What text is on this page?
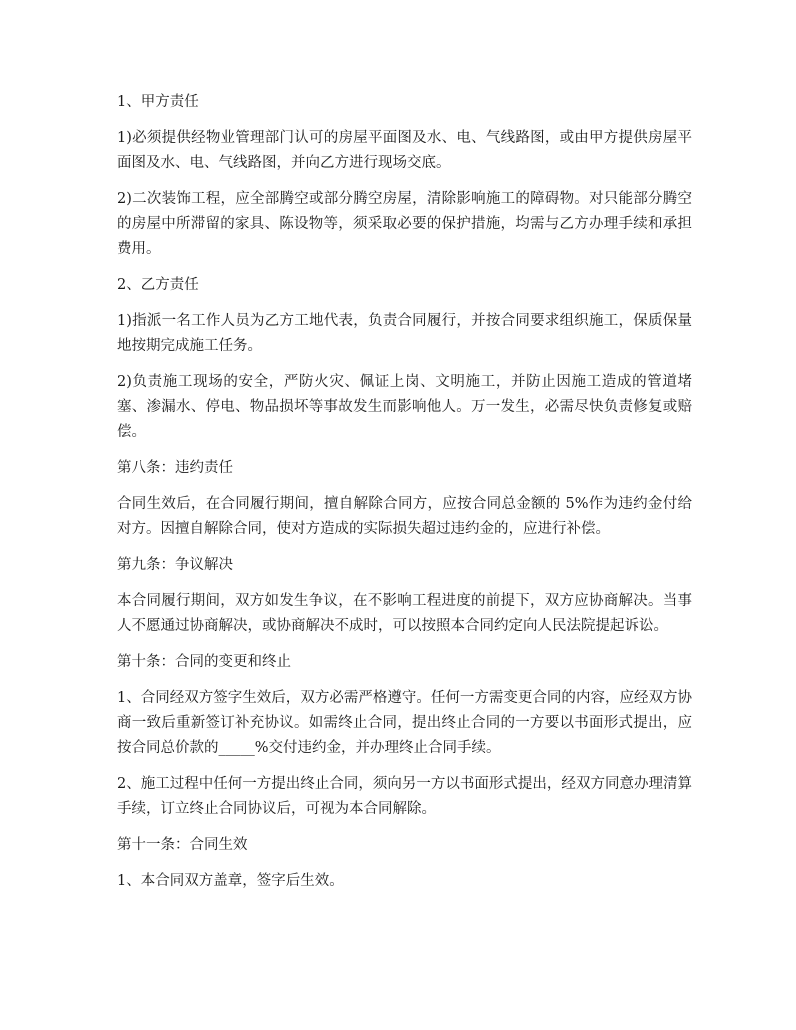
1、甲方责任

1)必须提供经物业管理部门认可的房屋平面图及水、电、气线路图，或由甲方提供房屋平面图及水、电、气线路图，并向乙方进行现场交底。

2)二次装饰工程，应全部腾空或部分腾空房屋，清除影响施工的障碍物。对只能部分腾空的房屋中所滞留的家具、陈设物等，须采取必要的保护措施，均需与乙方办理手续和承担费用。

2、乙方责任

1)指派一名工作人员为乙方工地代表，负责合同履行，并按合同要求组织施工，保质保量地按期完成施工任务。

2)负责施工现场的安全，严防火灾、佩证上岗、文明施工，并防止因施工造成的管道堵塞、渗漏水、停电、物品损坏等事故发生而影响他人。万一发生，必需尽快负责修复或赔偿。

第八条：违约责任

合同生效后，在合同履行期间，擅自解除合同方，应按合同总金额的 5%作为违约金付给对方。因擅自解除合同，使对方造成的实际损失超过违约金的，应进行补偿。

第九条：争议解决

本合同履行期间，双方如发生争议，在不影响工程进度的前提下，双方应协商解决。当事人不愿通过协商解决，或协商解决不成时，可以按照本合同约定向人民法院提起诉讼。

第十条：合同的变更和终止

1、合同经双方签字生效后，双方必需严格遵守。任何一方需变更合同的内容，应经双方协商一致后重新签订补充协议。如需终止合同，提出终止合同的一方要以书面形式提出，应按合同总价款的_____%交付违约金，并办理终止合同手续。

2、施工过程中任何一方提出终止合同，须向另一方以书面形式提出，经双方同意办理清算手续，订立终止合同协议后，可视为本合同解除。

第十一条：合同生效

1、本合同双方盖章，签字后生效。
